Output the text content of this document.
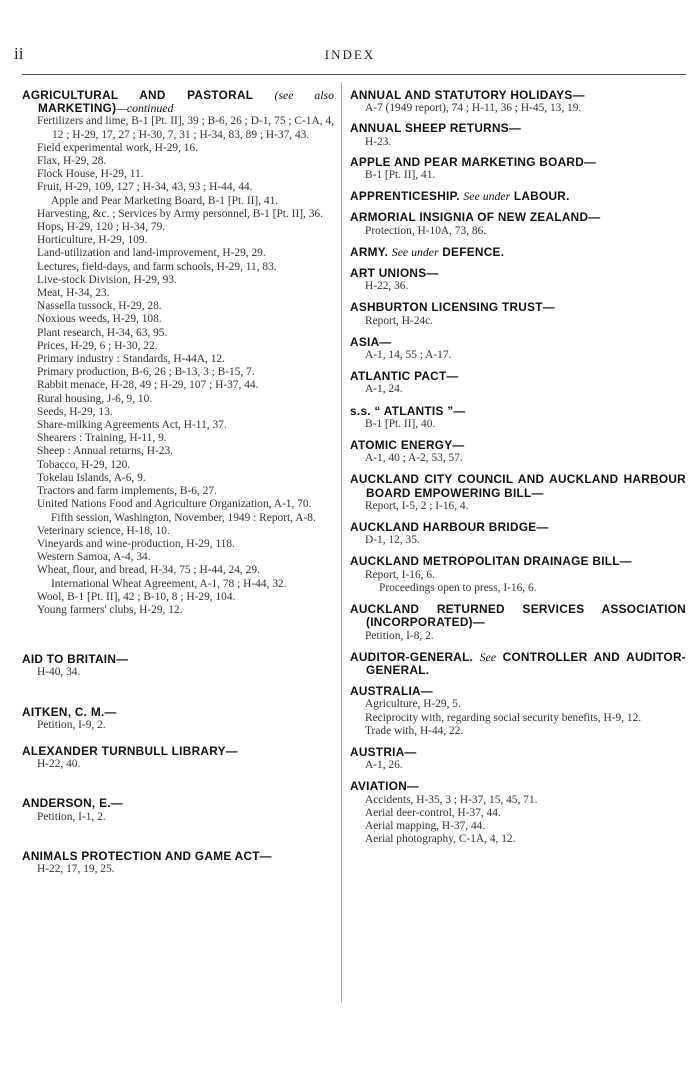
ii	INDEX
AGRICULTURAL AND PASTORAL (see also MARKETING)—continued
Fertilizers and lime, B-1 [Pt. II], 39 ; B-6, 26 ; D-1, 75 ; C-1A, 4, 12 ; H-29, 17, 27 ; H-30, 7, 31 ; H-34, 83, 89 ; H-37, 43.
Field experimental work, H-29, 16.
Flax, H-29, 28.
Flock House, H-29, 11.
Fruit, H-29, 109, 127 ; H-34, 43, 93 ; H-44, 44.
Apple and Pear Marketing Board, B-1 [Pt. II], 41.
Harvesting, &c. ; Services by Army personnel, B-1 [Pt. II], 36.
Hops, H-29, 120 ; H-34, 79.
Horticulture, H-29, 109.
Land-utilization and land-improvement, H-29, 29.
Lectures, field-days, and farm schools, H-29, 11, 83.
Live-stock Division, H-29, 93.
Meat, H-34, 23.
Nassella tussock, H-29, 28.
Noxious weeds, H-29, 108.
Plant research, H-34, 63, 95.
Prices, H-29, 6 ; H-30, 22.
Primary industry : Standards, H-44A, 12.
Primary production, B-6, 26 ; B-13, 3 ; B-15, 7.
Rabbit menace, H-28, 49 ; H-29, 107 ; H-37, 44.
Rural housing, J-6, 9, 10.
Seeds, H-29, 13.
Share-milking Agreements Act, H-11, 37.
Shearers : Training, H-11, 9.
Sheep : Annual returns, H-23.
Tobacco, H-29, 120.
Tokelau Islands, A-6, 9.
Tractors and farm implements, B-6, 27.
United Nations Food and Agriculture Organization, A-1, 70.
Fifth session, Washington, November, 1949 : Report, A-8.
Veterinary science, H-18, 10.
Vineyards and wine-production, H-29, 118.
Western Samoa, A-4, 34.
Wheat, flour, and bread, H-34, 75 ; H-44, 24, 29.
International Wheat Agreement, A-1, 78 ; H-44, 32.
Wool, B-1 [Pt. II], 42 ; B-10, 8 ; H-29, 104.
Young farmers' clubs, H-29, 12.
AID TO BRITAIN—
H-40, 34.
AITKEN, C. M.—
Petition, I-9, 2.
ALEXANDER TURNBULL LIBRARY—
H-22, 40.
ANDERSON, E.—
Petition, I-1, 2.
ANIMALS PROTECTION AND GAME ACT—
H-22, 17, 19, 25.
ANNUAL AND STATUTORY HOLIDAYS—
A-7 (1949 report), 74 ; H-11, 36 ; H-45, 13, 19.
ANNUAL SHEEP RETURNS—
H-23.
APPLE AND PEAR MARKETING BOARD—
B-1 [Pt. II], 41.
APPRENTICESHIP. See under LABOUR.
ARMORIAL INSIGNIA OF NEW ZEALAND—
Protection, H-10A, 73, 86.
ARMY. See under DEFENCE.
ART UNIONS—
H-22, 36.
ASHBURTON LICENSING TRUST—
Report, H-24c.
ASIA—
A-1, 14, 55 ; A-17.
ATLANTIC PACT—
A-1, 24.
s.s. “ ATLANTIS ”—
B-1 [Pt. II], 40.
ATOMIC ENERGY—
A-1, 40 ; A-2, 53, 57.
AUCKLAND CITY COUNCIL AND AUCKLAND HARBOUR BOARD EMPOWERING BILL—
Report, I-5, 2 ; I-16, 4.
AUCKLAND HARBOUR BRIDGE—
D-1, 12, 35.
AUCKLAND METROPOLITAN DRAINAGE BILL—
Report, I-16, 6.
Proceedings open to press, I-16, 6.
AUCKLAND RETURNED SERVICES ASSOCIATION (INCORPORATED)—
Petition, I-8, 2.
AUDITOR-GENERAL. See CONTROLLER AND AUDITOR-GENERAL.
AUSTRALIA—
Agriculture, H-29, 5.
Reciprocity with, regarding social security benefits, H-9, 12.
Trade with, H-44, 22.
AUSTRIA—
A-1, 26.
AVIATION—
Accidents, H-35, 3 ; H-37, 15, 45, 71.
Aerial deer-control, H-37, 44.
Aerial mapping, H-37, 44.
Aerial photography, C-1A, 4, 12.
